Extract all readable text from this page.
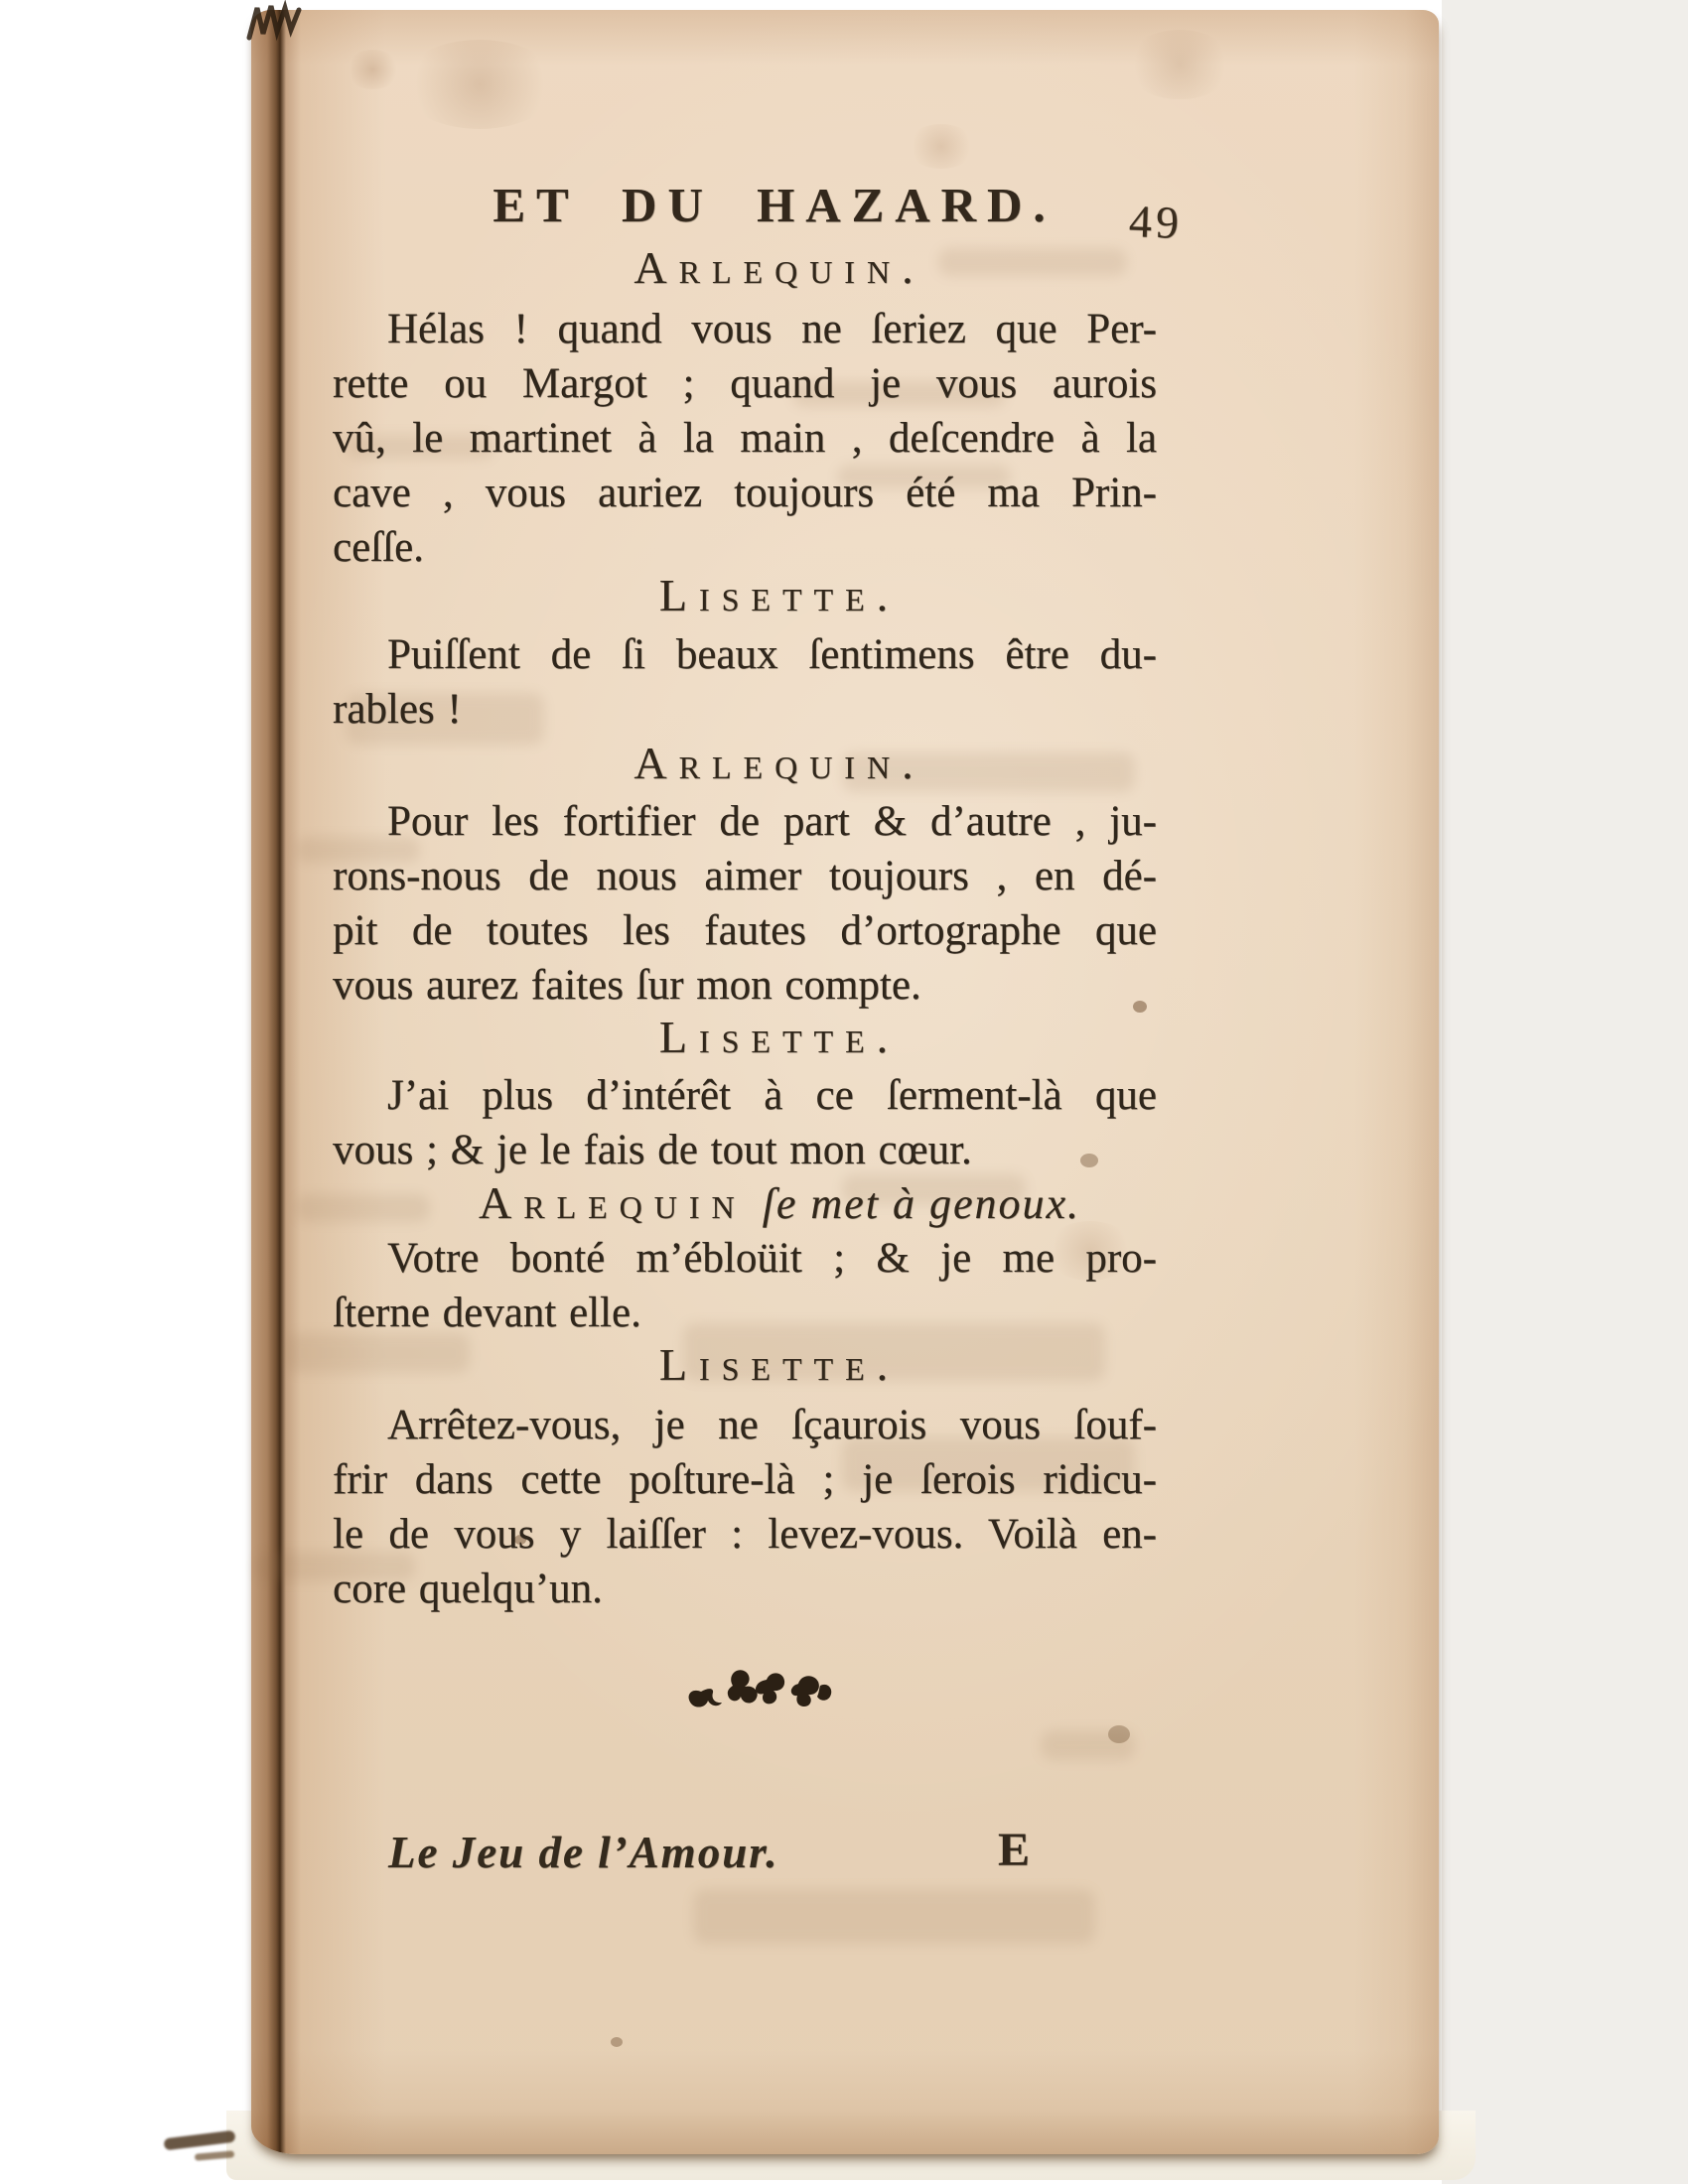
ET DU HAZARD.	49
Arlequin.
Hélas ! quand vous ne ſeriez que Per-
rette ou Margot ; quand je vous aurois
vû, le martinet à la main , deſcendre à la
cave , vous auriez toujours été ma Prin-
ceſſe.
Lisette.
Puiſſent de ſi beaux ſentimens être du-
rables !
Arlequin.
Pour les fortifier de part & d’autre , ju-
rons-nous de nous aimer toujours , en dé-
pit de toutes les fautes d’ortographe que
vous aurez faites ſur mon compte.
Lisette.
J’ai plus d’intérêt à ce ſerment-là que
vous ; & je le fais de tout mon cœur.
Arlequin ſe met à genoux.
Votre bonté m’ébloüit ; & je me pro-
ſterne devant elle.
Lisette.
Arrêtez-vous, je ne ſçaurois vous ſouf-
frir dans cette poſture-là ; je ſerois ridicu-
le de vous y laiſſer : levez-vous. Voilà en-
core quelqu’un.
Le Jeu de l’Amour.	E
